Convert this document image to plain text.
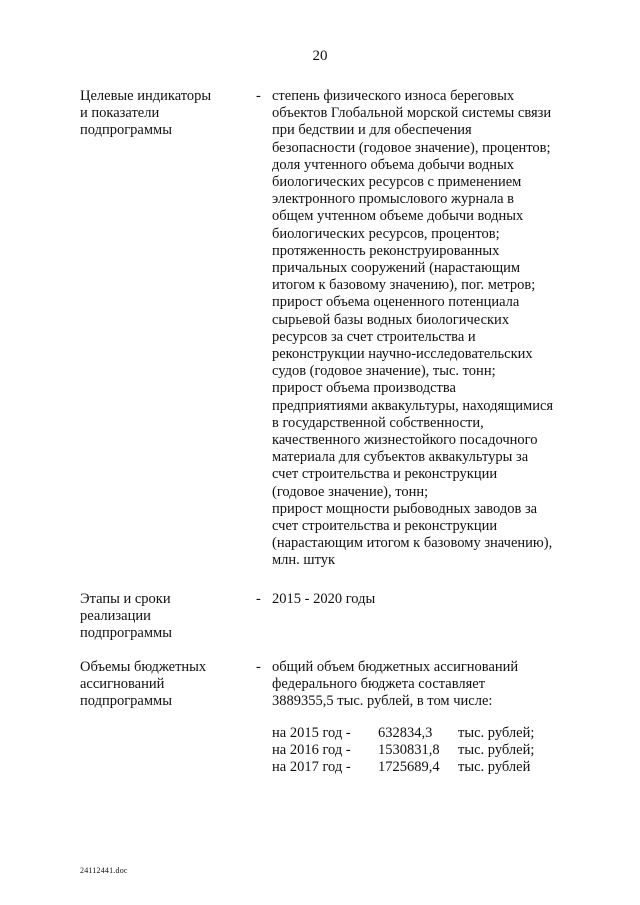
20
Целевые индикаторы
и показатели
подпрограммы
- степень физического износа береговых
объектов Глобальной морской системы связи
при бедствии и для обеспечения
безопасности (годовое значение), процентов;
доля учтенного объема добычи водных
биологических ресурсов с применением
электронного промыслового журнала в
общем учтенном объеме добычи водных
биологических ресурсов, процентов;
протяженность реконструированных
причальных сооружений (нарастающим
итогом к базовому значению), пог. метров;
прирост объема оцененного потенциала
сырьевой базы водных биологических
ресурсов за счет строительства и
реконструкции научно-исследовательских
судов (годовое значение), тыс. тонн;
прирост объема производства
предприятиями аквакультуры, находящимися
в государственной собственности,
качественного жизнестойкого посадочного
материала для субъектов аквакультуры за
счет строительства и реконструкции
(годовое значение), тонн;
прирост мощности рыбоводных заводов за
счет строительства и реконструкции
(нарастающим итогом к базовому значению),
млн. штук
Этапы и сроки
реализации
подпрограммы
- 2015 - 2020 годы
Объемы бюджетных
ассигнований
подпрограммы
- общий объем бюджетных ассигнований
федерального бюджета составляет
3889355,5 тыс. рублей, в том числе:
на 2015 год - 632834,3 тыс. рублей;
на 2016 год - 1530831,8 тыс. рублей;
на 2017 год - 1725689,4 тыс. рублей
24112441.doc
